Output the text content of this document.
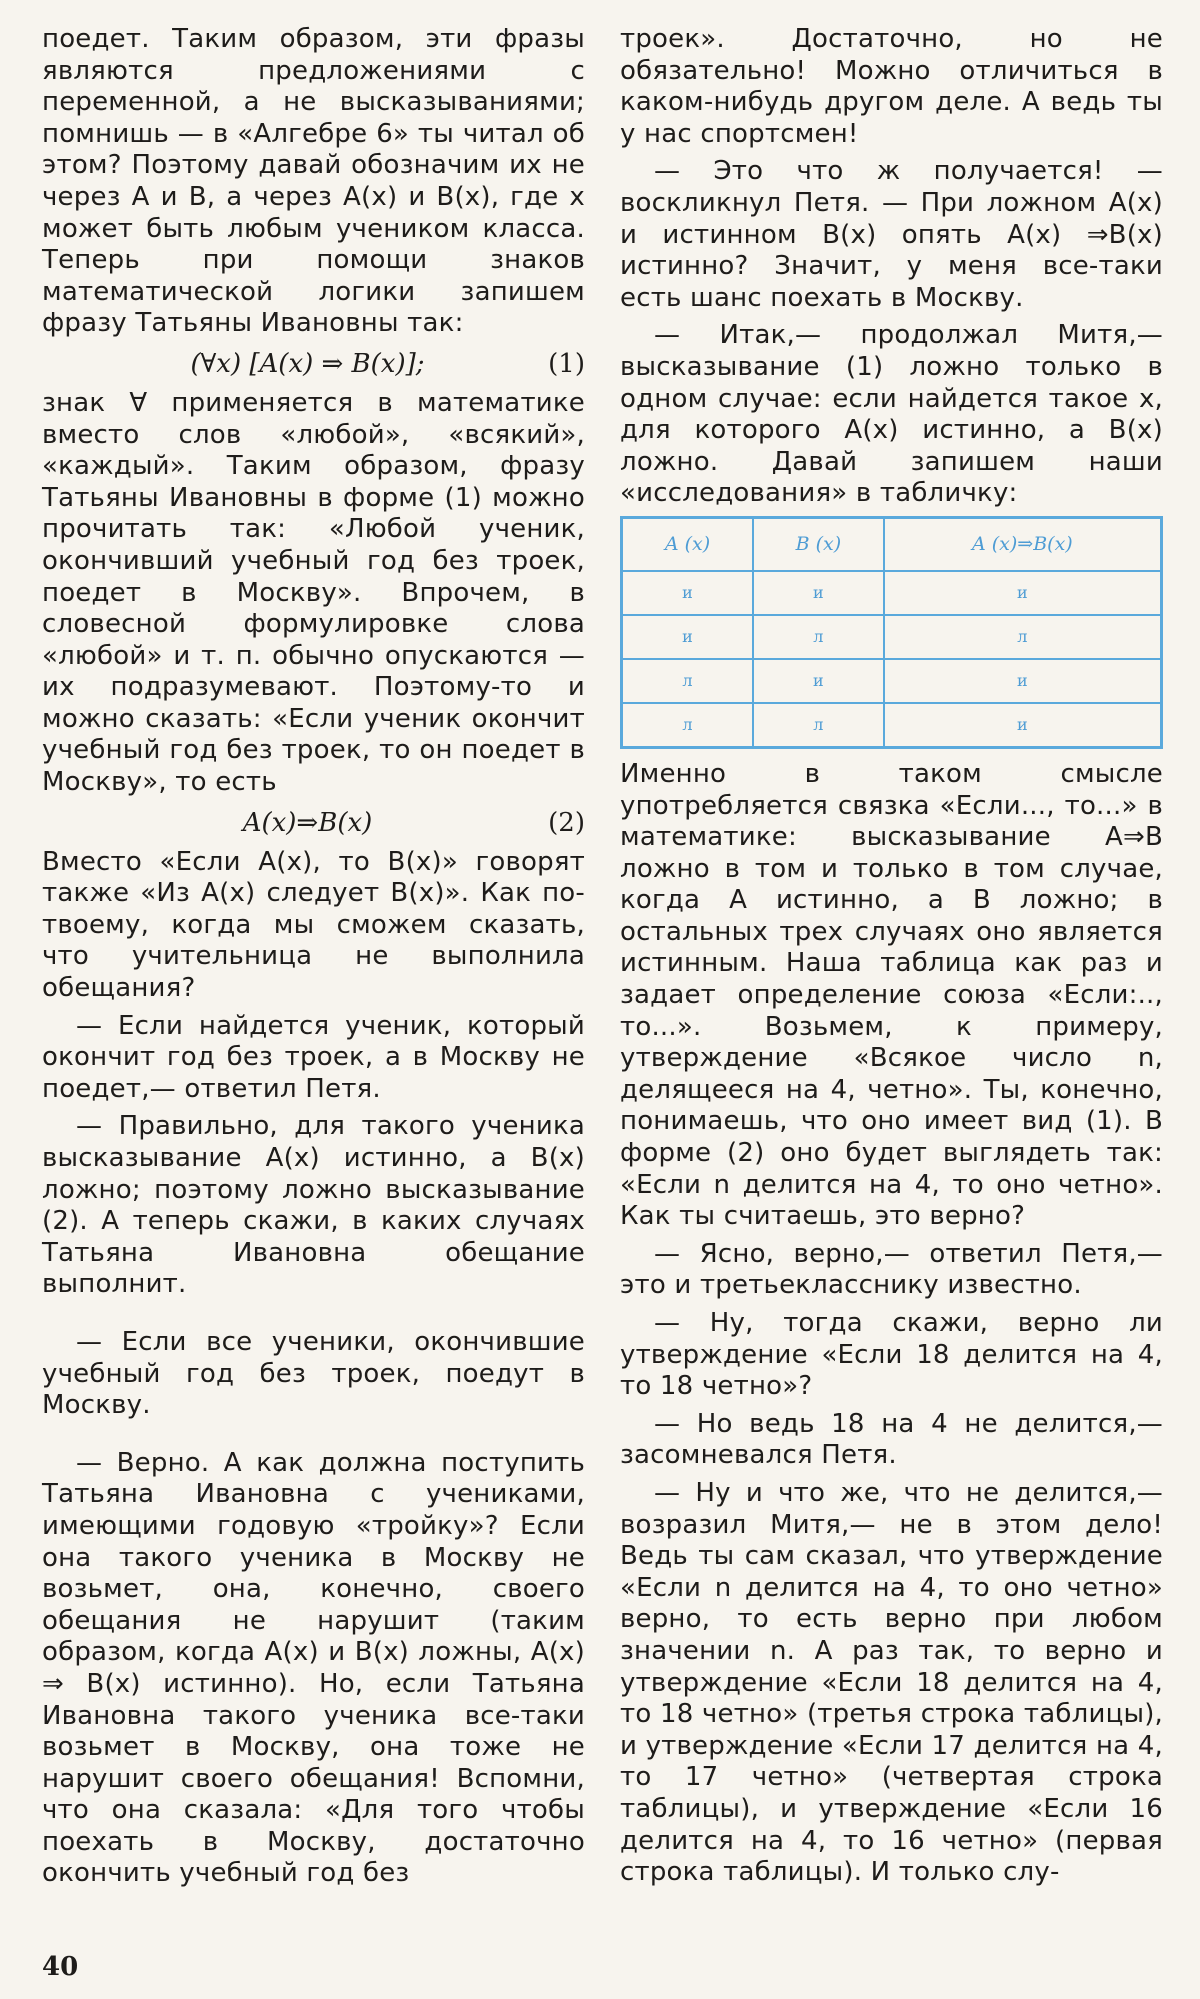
поедет. Таким образом, эти фразы являются предложениями с переменной, а не высказываниями; помнишь — в «Алгебре 6» ты читал об этом? Поэтому давай обозначим их не через A и B, а через A(x) и B(x), где x может быть любым учеником класса. Теперь при помощи знаков математической логики запишем фразу Татьяны Ивановны так:

(∀x) [A(x) ⇒ B(x)];	(1)

знак ∀ применяется в математике вместо слов «любой», «всякий», «каждый». Таким образом, фразу Татьяны Ивановны в форме (1) можно прочитать так: «Любой ученик, окончивший учебный год без троек, поедет в Москву». Впрочем, в словесной формулировке слова «любой» и т. п. обычно опускаются — их подразумевают. Поэтому-то и можно сказать: «Если ученик окончит учебный год без троек, то он поедет в Москву», то есть

A(x)⇒B(x)	(2)

Вместо «Если A(x), то B(x)» говорят также «Из A(x) следует B(x)». Как по-твоему, когда мы сможем сказать, что учительница не выполнила обещания?

— Если найдется ученик, который окончит год без троек, а в Москву не поедет,— ответил Петя.

— Правильно, для такого ученика высказывание A(x) истинно, а B(x) ложно; поэтому ложно высказывание (2). А теперь скажи, в каких случаях Татьяна Ивановна обещание выполнит.

— Если все ученики, окончившие учебный год без троек, поедут в Москву.

— Верно. А как должна поступить Татьяна Ивановна с учениками, имеющими годовую «тройку»? Если она такого ученика в Москву не возьмет, она, конечно, своего обещания не нарушит (таким образом, когда A(x) и B(x) ложны, A(x) ⇒ B(x) истинно). Но, если Татьяна Ивановна такого ученика все-таки возьмет в Москву, она тоже не нарушит своего обещания! Вспомни, что она сказала: «Для того чтобы поехать в Москву, достаточно окончить учебный год без

троек». Достаточно, но не обязательно! Можно отличиться в каком-нибудь другом деле. А ведь ты у нас спортсмен!

— Это что ж получается! — воскликнул Петя. — При ложном A(x) и истинном B(x) опять A(x) ⇒B(x) истинно? Значит, у меня все-таки есть шанс поехать в Москву.

— Итак,— продолжал Митя,— высказывание (1) ложно только в одном случае: если найдется такое x, для которого A(x) истинно, а B(x) ложно. Давай запишем наши «исследования» в табличку:

A (x)	B (x)	A (x)⇒B(x)
и	и	и
и	л	л
л	и	и
л	л	и

Именно в таком смысле употребляется связка «Если..., то...» в математике: высказывание A⇒B ложно в том и только в том случае, когда A истинно, а B ложно; в остальных трех случаях оно является истинным. Наша таблица как раз и задает определение союза «Если:.., то...». Возьмем, к примеру, утверждение «Всякое число n, делящееся на 4, четно». Ты, конечно, понимаешь, что оно имеет вид (1). В форме (2) оно будет выглядеть так: «Если n делится на 4, то оно четно». Как ты считаешь, это верно?

— Ясно, верно,— ответил Петя,— это и третьекласснику известно.

— Ну, тогда скажи, верно ли утверждение «Если 18 делится на 4, то 18 четно»?

— Но ведь 18 на 4 не делится,— засомневался Петя.

— Ну и что же, что не делится,— возразил Митя,— не в этом дело! Ведь ты сам сказал, что утверждение «Если n делится на 4, то оно четно» верно, то есть верно при любом значении n. А раз так, то верно и утверждение «Если 18 делится на 4, то 18 четно» (третья строка таблицы), и утверждение «Если 17 делится на 4, то 17 четно» (четвертая строка таблицы), и утверждение «Если 16 делится на 4, то 16 четно» (первая строка таблицы). И только слу-

40
